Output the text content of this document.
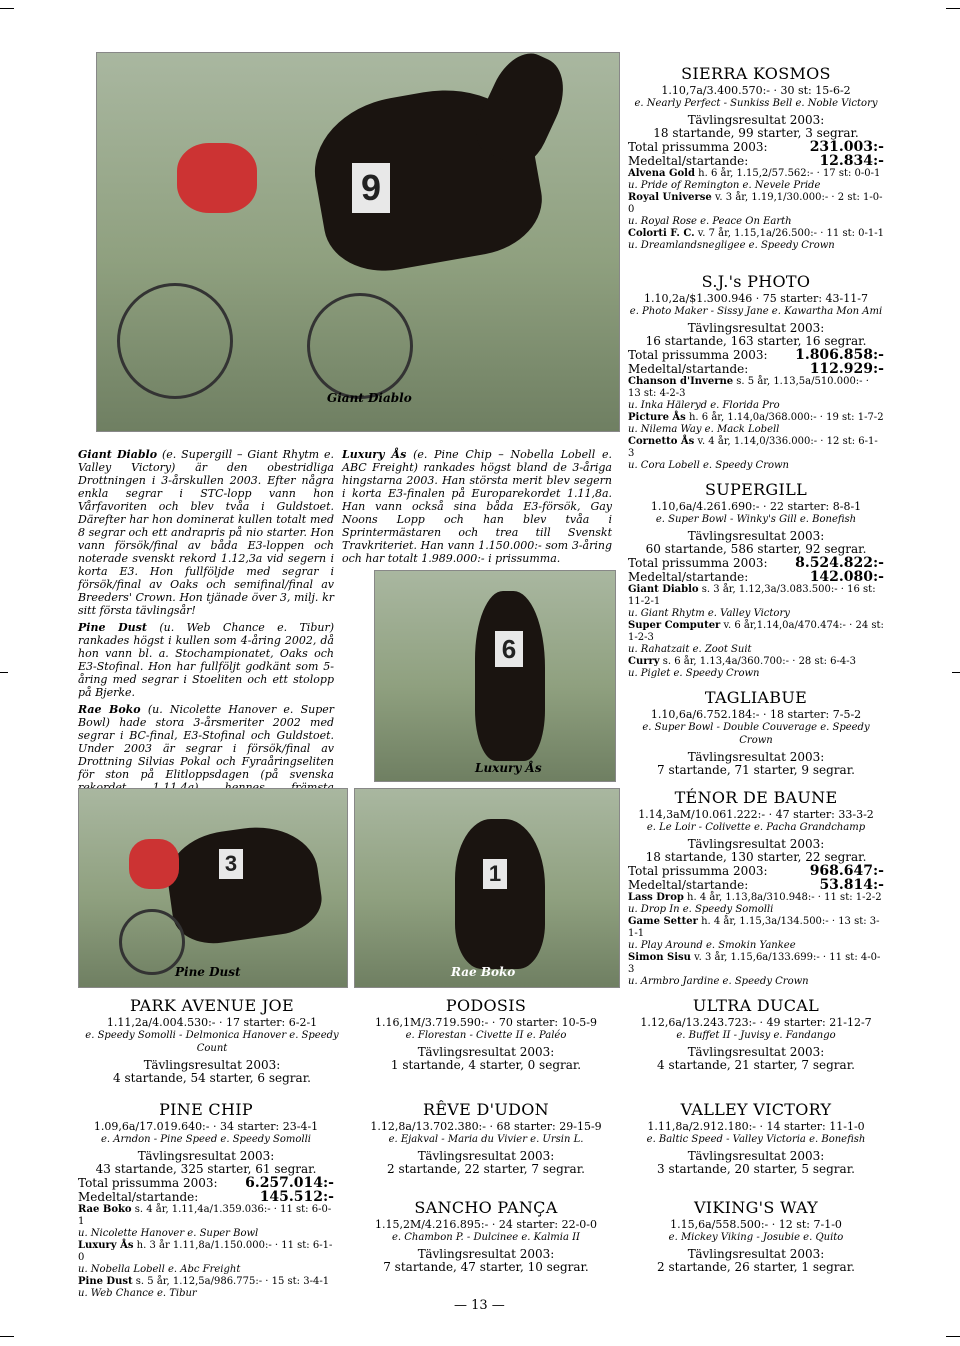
9
Giant Diablo

Giant Diablo (e. Supergill – Giant Rhytm e. Valley Victory) är den obestridliga Drottningen i 3-årskullen 2003. Efter några enkla segrar i STC-lopp vann hon Vårfavoriten och blev tvåa i Guldstoet. Därefter har hon dominerat kullen totalt med 8 segrar och ett andrapris på nio starter. Hon vann försök/final av båda E3-loppen och noterade svenskt rekord 1.12,3a vid segern i korta E3. Hon fullföljde med segrar i försök/final av Oaks och semifinal/final av Breeders' Crown. Hon tjänade över 3, milj. kr sitt första tävlingsår!

Pine Dust (u. Web Chance e. Tibur) rankades högst i kullen som 4-åring 2002, då hon vann bl. a. Stochampionatet, Oaks och E3-Stofinal. Hon har fullföljt godkänt som 5-åring med segrar i Stoeliten och ett stolopp på Bjerke.

Rae Boko (u. Nicolette Hanover e. Super Bowl) hade stora 3-årsmeriter 2002 med segrar i BC-final, E3-Stofinal och Guldstoet. Under 2003 är segrar i försök/final av Drottning Silvias Pokal och Fyraåringseliten för ston på Elitloppsdagen (på svenska

Luxury Ås (e. Pine Chip – Nobella Lobell e. ABC Freight) rankades högst bland de 3-åriga hingstarna 2003. Han största merit blev segern i korta E3-finalen på Europarekordet 1.11,8a. Han vann också sina båda E3-försök, Gay Noons Lopp och han blev tvåa i Sprintermästaren och trea till Svenskt Travkriteriet. Han vann 1.150.000:- som 3-åring och har totalt 1.989.000:- i prissumma.

6
Luxury Ås
3
Pine Dust
1
Rae Boko
SIERRA KOSMOS
1.10,7a/3.400.570:- · 30 st: 15-6-2
e. Nearly Perfect - Sunkiss Bell e. Noble Victory
Tävlingsresultat 2003:
18 startande, 99 starter, 3 segrar.
Total prissumma 2003:	231.003:-
Medeltal/startande:	12.834:-
Alvena Gold h. 6 år, 1.15,2/57.562:- · 17 st: 0-0-1
u. Pride of Remington e. Nevele Pride
Royal Universe v. 3 år, 1.19,1/30.000:- · 2 st: 1-0-0
u. Royal Rose e. Peace On Earth
Colorti F. C. v. 7 år, 1.15,1a/26.500:- · 11 st: 0-1-1
u. Dreamlandsnegligee e. Speedy Crown
S.J.'s PHOTO
1.10,2a/$1.300.946 · 75 starter: 43-11-7
e. Photo Maker - Sissy Jane e. Kawartha Mon Ami
Tävlingsresultat 2003:
16 startande, 163 starter, 16 segrar.
Total prissumma 2003: 1.806.858:-
Medeltal/startande:	112.929:-
Chanson d'Inverne s. 5 år, 1.13,5a/510.000:- · 13 st: 4-2-3
u. Inka Häleryd e. Florida Pro
Picture Ås h. 6 år, 1.14,0a/368.000:- · 19 st: 1-7-2
u. Nilema Way e. Mack Lobell
Cornetto Ås v. 4 år, 1.14,0/336.000:- · 12 st: 6-1-3
u. Cora Lobell e. Speedy Crown
SUPERGILL
1.10,6a/4.261.690:- · 22 starter: 8-8-1
e. Super Bowl - Winky's Gill e. Bonefish
Tävlingsresultat 2003:
60 startande, 586 starter, 92 segrar.
Total prissumma 2003: 8.524.822:-
Medeltal/startande:	142.080:-
Giant Diablo s. 3 år, 1.12,3a/3.083.500:- · 16 st: 11-2-1
u. Giant Rhytm e. Valley Victory
Super Computer v. 6 år,1.14,0a/470.474:- · 24 st: 1-2-3
u. Rahatzait e. Zoot Suit
Curry s. 6 år, 1.13,4a/360.700:- · 28 st: 6-4-3
u. Piglet e. Speedy Crown
TAGLIABUE
1.10,6a/6.752.184:- · 18 starter: 7-5-2
e. Super Bowl - Double Couverage e. Speedy Crown
Tävlingsresultat 2003:
7 startande, 71 starter, 9 segrar.
TÉNOR DE BAUNE
1.14,3aM/10.061.222:- · 47 starter: 33-3-2
e. Le Loir - Colivette e. Pacha Grandchamp
Tävlingsresultat 2003:
18 startande, 130 starter, 22 segrar.
Total prissumma 2003:	968.647:-
Medeltal/startande:	53.814:-
Lass Drop h. 4 år, 1.13,8a/310.948:- · 11 st: 1-2-2
u. Drop In e. Speedy Somolli
Game Setter h. 4 år, 1.15,3a/134.500:- · 13 st: 3-1-1
u. Play Around e. Smokin Yankee
Simon Sisu v. 3 år, 1.15,6a/133.699:- · 11 st: 4-0-3
u. Armbro Jardine e. Speedy Crown
PARK AVENUE JOE
1.11,2a/4.004.530:- · 17 starter: 6-2-1
e. Speedy Somolli - Delmonica Hanover e. Speedy Count
Tävlingsresultat 2003:
4 startande, 54 starter, 6 segrar.
PODOSIS
1.16,1M/3.719.590:- · 70 starter: 10-5-9
e. Florestan - Civette II e. Paléo
Tävlingsresultat 2003:
1 startande, 4 starter, 0 segrar.
ULTRA DUCAL
1.12,6a/13.243.723:- · 49 starter: 21-12-7
e. Buffet II - Juvisy e. Fandango
Tävlingsresultat 2003:
4 startande, 21 starter, 7 segrar.
PINE CHIP
1.09,6a/17.019.640:- · 34 starter: 23-4-1
e. Arndon - Pine Speed e. Speedy Somolli
Tävlingsresultat 2003:
43 startande, 325 starter, 61 segrar.
Total prissumma 2003: 6.257.014:-
Medeltal/startande:	145.512:-
Rae Boko s. 4 år, 1.11,4a/1.359.036:- · 11 st: 6-0-1
u. Nicolette Hanover e. Super Bowl
Luxury Ås h. 3 år 1.11,8a/1.150.000:- · 11 st: 6-1-0
u. Nobella Lobell e. Abc Freight
Pine Dust s. 5 år, 1.12,5a/986.775:- · 15 st: 3-4-1
u. Web Chance e. Tibur
RÊVE D'UDON
1.12,8a/13.702.380:- · 68 starter: 29-15-9
e. Ejakval - Maria du Vivier e. Ursin L.
Tävlingsresultat 2003:
2 startande, 22 starter, 7 segrar.
VALLEY VICTORY
1.11,8a/2.912.180:- · 14 starter: 11-1-0
e. Baltic Speed - Valley Victoria e. Bonefish
Tävlingsresultat 2003:
3 startande, 20 starter, 5 segrar.
SANCHO PANÇA
1.15,2M/4.216.895:- · 24 starter: 22-0-0
e. Chambon P. - Dulcinee e. Kalmia II
Tävlingsresultat 2003:
7 startande, 47 starter, 10 segrar.
VIKING'S WAY
1.15,6a/558.500:- · 12 st: 7-1-0
e. Mickey Viking - Josubie e. Quito
Tävlingsresultat 2003:
2 startande, 26 starter, 1 segrar.
— 13 —
